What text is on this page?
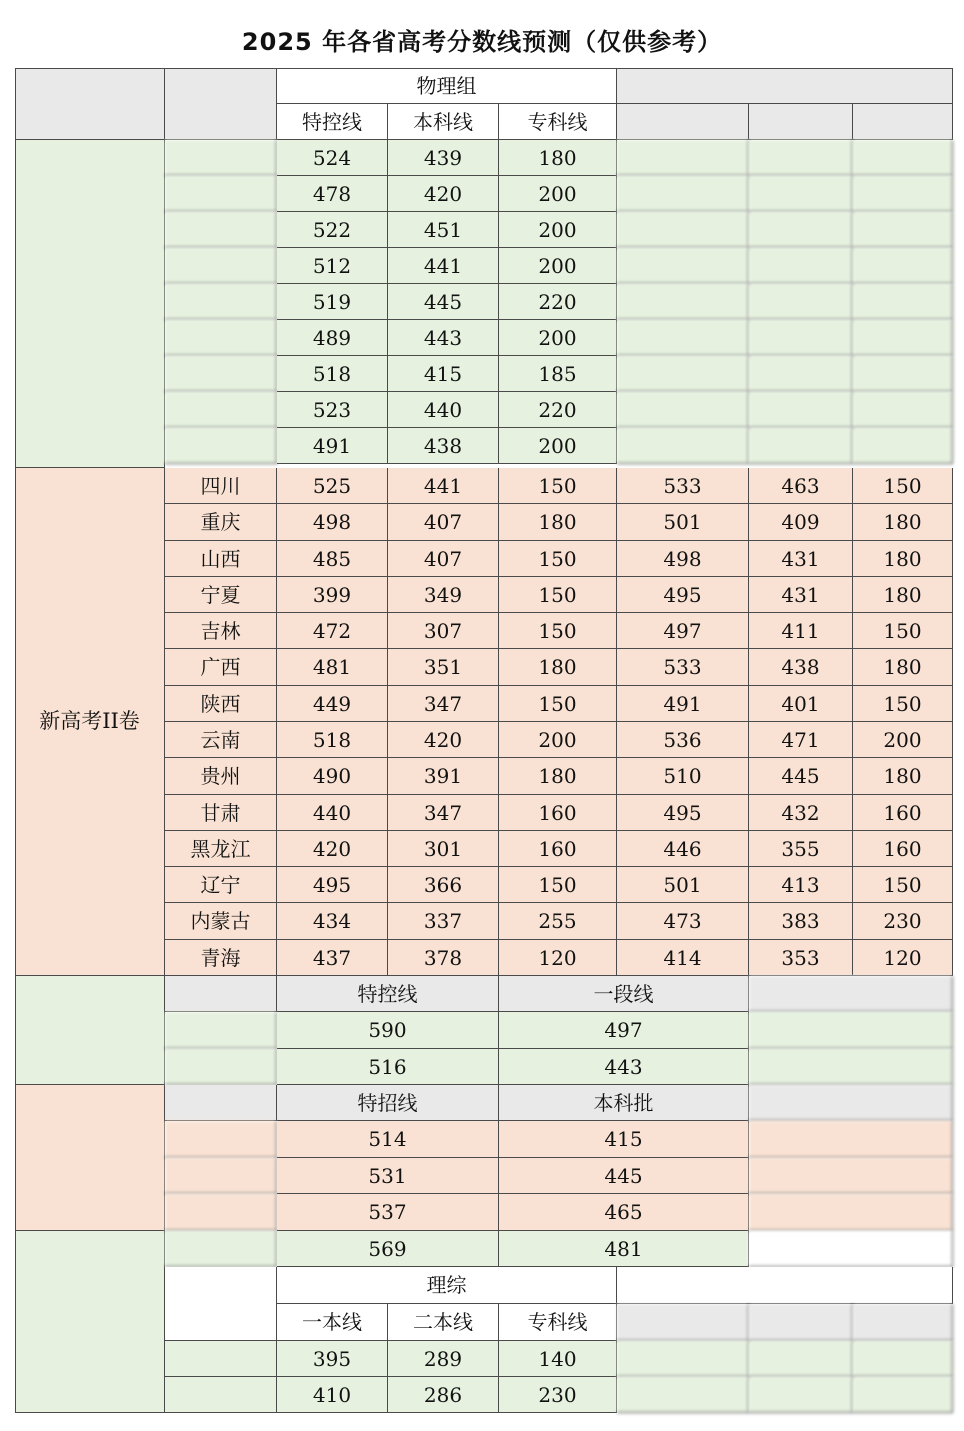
2025 年各省高考分数线预测（仅供参考）
新高考II卷
物理组
特控线	本科线	专科线
524	439	180
478	420	200
522	451	200
512	441	200
519	445	220
489	443	200
518	415	185
523	440	220
491	438	200
四川	525	441	150	533	463	150
重庆	498	407	180	501	409	180
山西	485	407	150	498	431	180
宁夏	399	349	150	495	431	180
吉林	472	307	150	497	411	150
广西	481	351	180	533	438	180
陕西	449	347	150	491	401	150
云南	518	420	200	536	471	200
贵州	490	391	180	510	445	180
甘肃	440	347	160	495	432	160
黑龙江	420	301	160	446	355	160
辽宁	495	366	150	501	413	150
内蒙古	434	337	255	473	383	230
青海	437	378	120	414	353	120
特控线	一段线
590	497
516	443
特招线	本科批
514	415
531	445
537	465
569	481
理综
一本线	二本线	专科线
395	289	140
410	286	230
